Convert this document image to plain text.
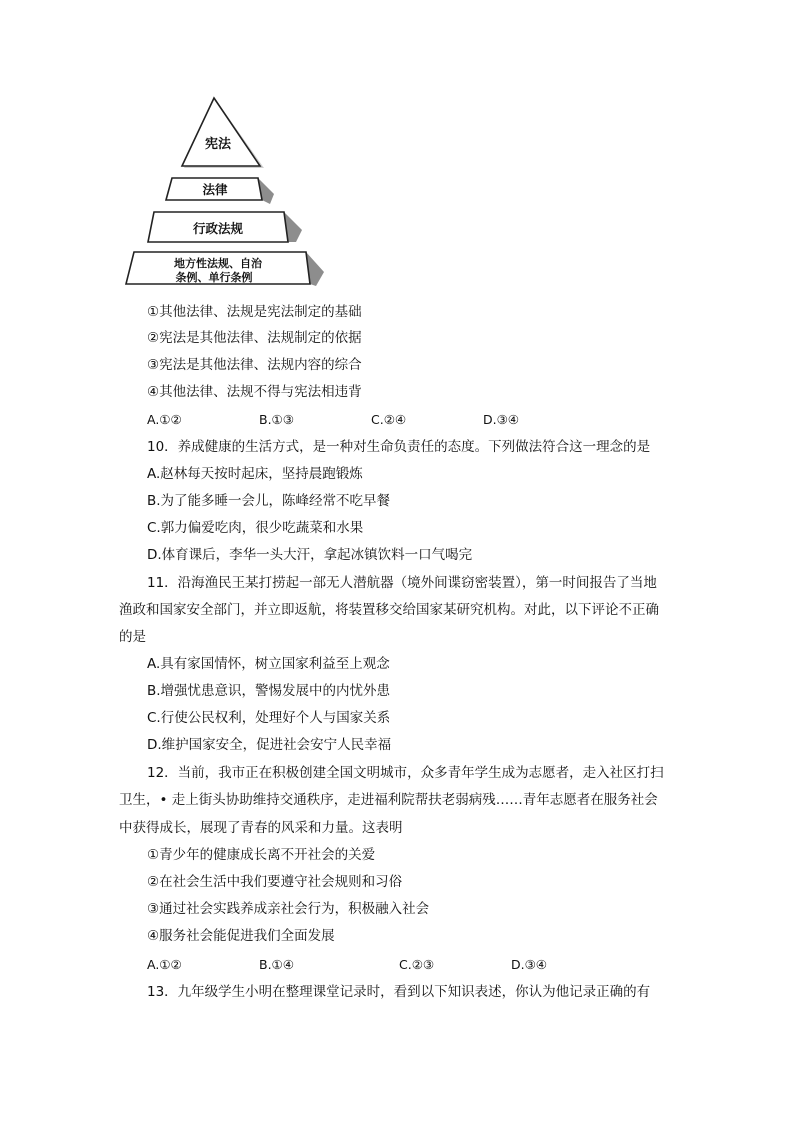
宪法
法律
行政法规
地方性法规、自治
条例、单行条例
①其他法律、法规是宪法制定的基础
②宪法是其他法律、法规制定的依据
③宪法是其他法律、法规内容的综合
④其他法律、法规不得与宪法相违背
A.①②	B.①③	C.②④	D.③④
10．养成健康的生活方式，是一种对生命负责任的态度。下列做法符合这一理念的是
A.赵林每天按时起床，坚持晨跑锻炼
B.为了能多睡一会儿，陈峰经常不吃早餐
C.郭力偏爱吃肉，很少吃蔬菜和水果
D.体育课后，李华一头大汗，拿起冰镇饮料一口气喝完
11．沿海渔民王某打捞起一部无人潜航器（境外间谍窃密装置），第一时间报告了当地
渔政和国家安全部门，并立即返航，将装置移交给国家某研究机构。对此，以下评论不正确
的是
A.具有家国情怀，树立国家利益至上观念
B.增强忧患意识，警惕发展中的内忧外患
C.行使公民权利，处理好个人与国家关系
D.维护国家安全，促进社会安宁人民幸福
12．当前，我市正在积极创建全国文明城市，众多青年学生成为志愿者，走入社区打扫
卫生，• 走上街头协助维持交通秩序，走进福利院帮扶老弱病残……青年志愿者在服务社会
中获得成长，展现了青春的风采和力量。这表明
①青少年的健康成长离不开社会的关爱
②在社会生活中我们要遵守社会规则和习俗
③通过社会实践养成亲社会行为，积极融入社会
④服务社会能促进我们全面发展
A.①②	B.①④	C.②③	D.③④
13．九年级学生小明在整理课堂记录时，看到以下知识表述，你认为他记录正确的有
